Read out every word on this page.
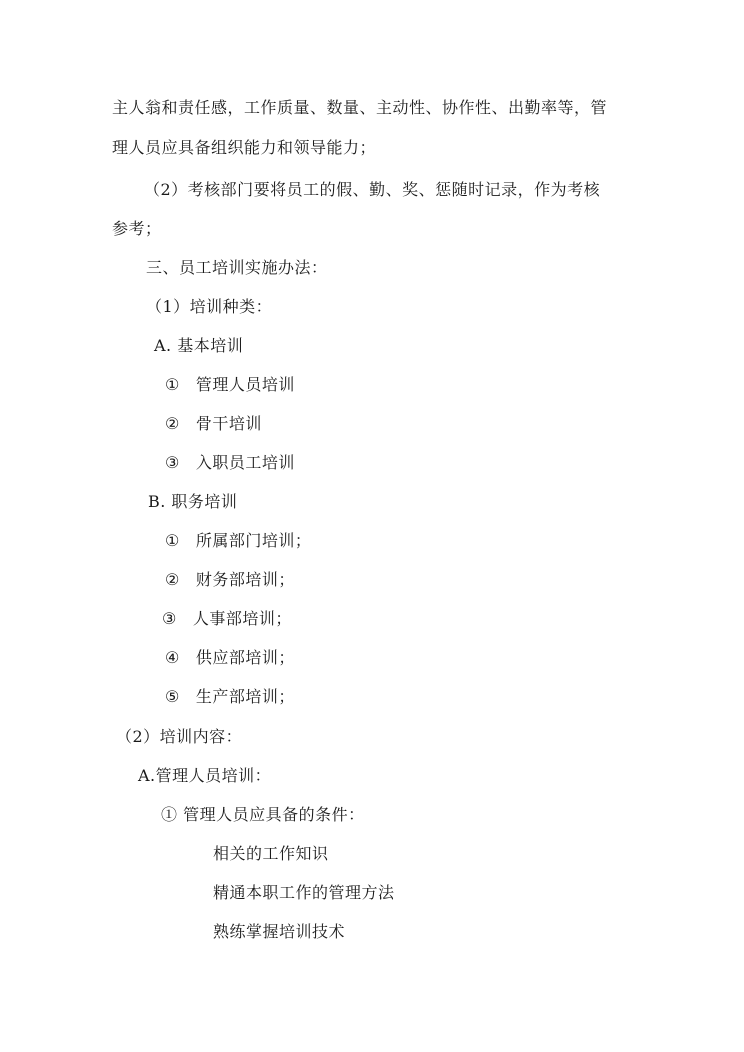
主人翁和责任感，工作质量、数量、主动性、协作性、出勤率等，管
理人员应具备组织能力和领导能力；
（2）考核部门要将员工的假、勤、奖、惩随时记录，作为考核
参考；
三、员工培训实施办法：
（1）培训种类：
A. 基本培训
① 管理人员培训
② 骨干培训
③ 入职员工培训
B. 职务培训
① 所属部门培训；
② 财务部培训；
③ 人事部培训；
④ 供应部培训；
⑤ 生产部培训；
（2）培训内容：
A.管理人员培训：
① 管理人员应具备的条件：
相关的工作知识
精通本职工作的管理方法
熟练掌握培训技术
